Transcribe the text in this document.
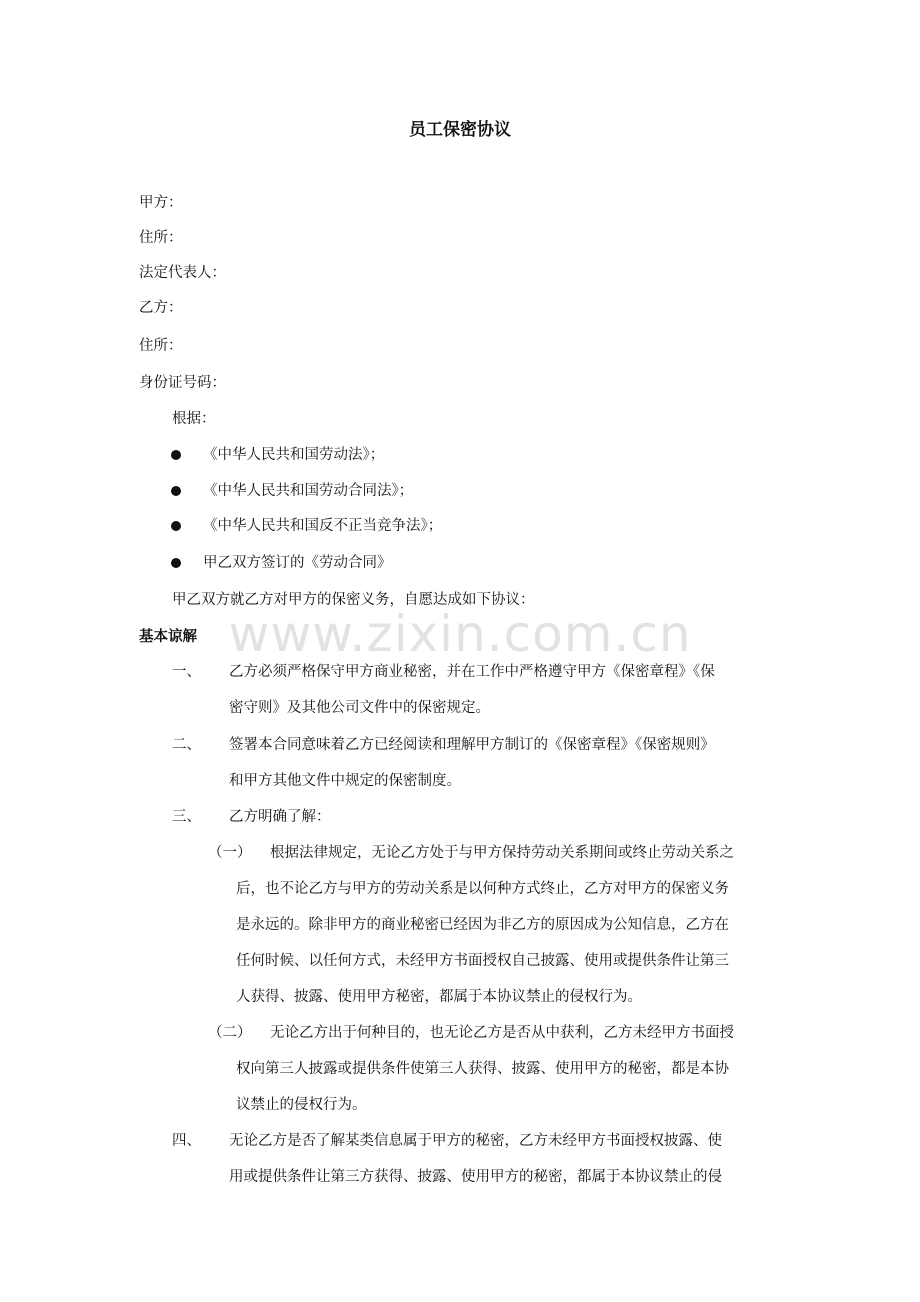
www.zixin.com.cn
员工保密协议
甲方：
住所：
法定代表人：
乙方：
住所：
身份证号码：
根据：
《中华人民共和国劳动法》；
《中华人民共和国劳动合同法》；
《中华人民共和国反不正当竞争法》；
甲乙双方签订的《劳动合同》
甲乙双方就乙方对甲方的保密义务，自愿达成如下协议：
基本谅解
一、 乙方必须严格保守甲方商业秘密，并在工作中严格遵守甲方《保密章程》《保
密守则》及其他公司文件中的保密规定。
二、 签署本合同意味着乙方已经阅读和理解甲方制订的《保密章程》《保密规则》
和甲方其他文件中规定的保密制度。
三、 乙方明确了解：
（一） 根据法律规定，无论乙方处于与甲方保持劳动关系期间或终止劳动关系之
后，也不论乙方与甲方的劳动关系是以何种方式终止，乙方对甲方的保密义务
是永远的。除非甲方的商业秘密已经因为非乙方的原因成为公知信息，乙方在
任何时候、以任何方式，未经甲方书面授权自己披露、使用或提供条件让第三
人获得、披露、使用甲方秘密，都属于本协议禁止的侵权行为。
（二） 无论乙方出于何种目的，也无论乙方是否从中获利，乙方未经甲方书面授
权向第三人披露或提供条件使第三人获得、披露、使用甲方的秘密，都是本协
议禁止的侵权行为。
四、 无论乙方是否了解某类信息属于甲方的秘密，乙方未经甲方书面授权披露、使
用或提供条件让第三方获得、披露、使用甲方的秘密，都属于本协议禁止的侵
